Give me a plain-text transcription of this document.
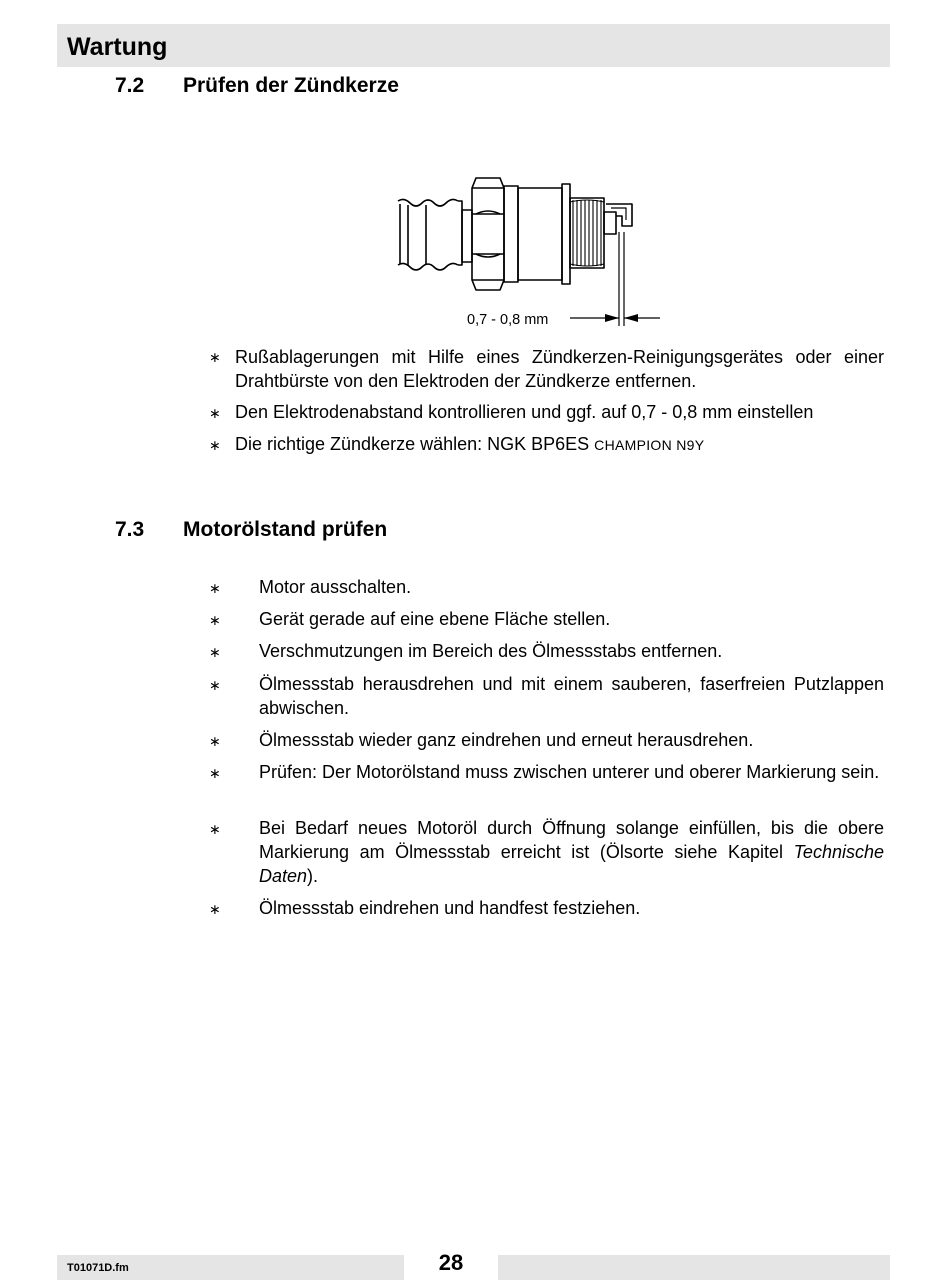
Wartung
7.2 Prüfen der Zündkerze
0,7 - 0,8 mm
∗ Rußablagerungen mit Hilfe eines Zündkerzen-Reinigungsgerätes oder einer Drahtbürste von den Elektroden der Zündkerze entfernen.
∗ Den Elektrodenabstand kontrollieren und ggf. auf 0,7 - 0,8 mm einstellen
∗ Die richtige Zündkerze wählen: NGK BP6ES CHAMPION N9Y
7.3 Motorölstand prüfen
∗ Motor ausschalten.
∗ Gerät gerade auf eine ebene Fläche stellen.
∗ Verschmutzungen im Bereich des Ölmessstabs entfernen.
∗ Ölmessstab herausdrehen und mit einem sauberen, faserfreien Putzlappen abwischen.
∗ Ölmessstab wieder ganz eindrehen und erneut herausdrehen.
∗ Prüfen: Der Motorölstand muss zwischen unterer und oberer Markierung sein.
∗ Bei Bedarf neues Motoröl durch Öffnung solange einfüllen, bis die obere Markierung am Ölmessstab erreicht ist (Ölsorte siehe Kapitel Technische Daten).
∗ Ölmessstab eindrehen und handfest festziehen.
T01071D.fm	28
